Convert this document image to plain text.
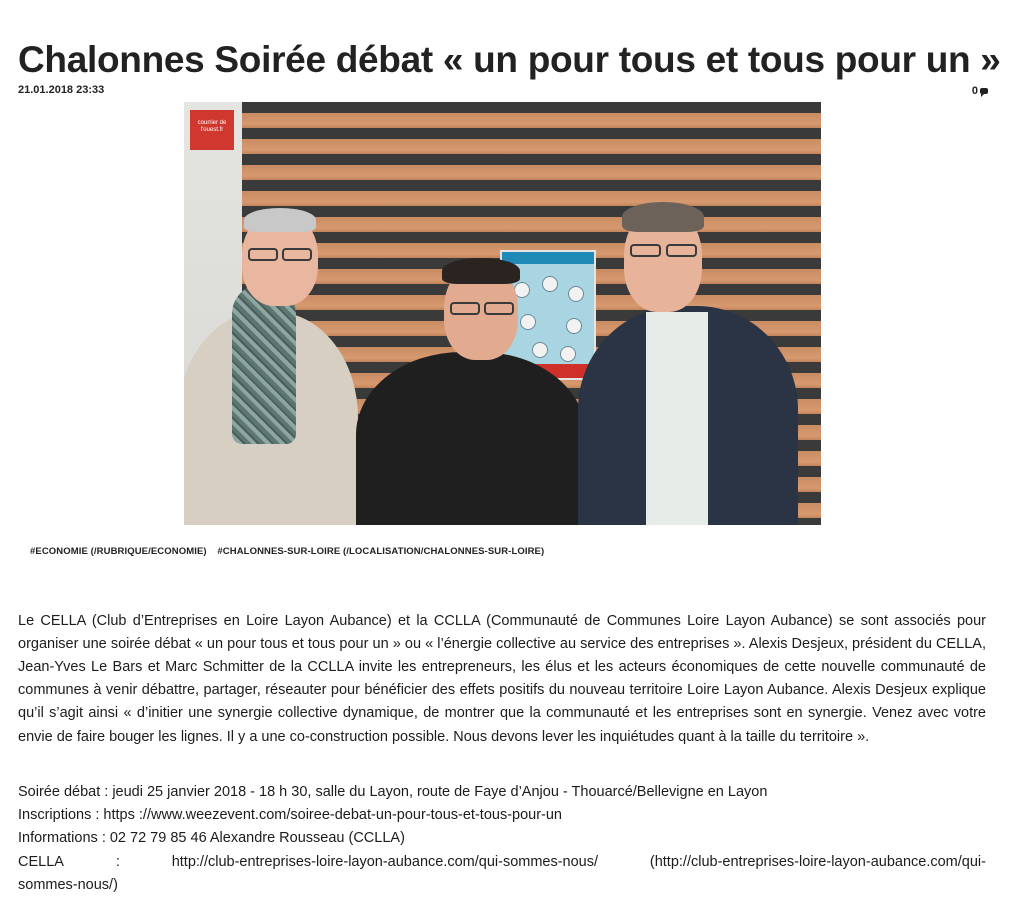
Chalonnes Soirée débat « un pour tous et tous pour un »
21.01.2018 23:33	0
courrier de l'ouest.fr
#ECONOMIE (/RUBRIQUE/ECONOMIE) #CHALONNES-SUR-LOIRE (/LOCALISATION/CHALONNES-SUR-LOIRE)

Le CELLA (Club d’Entreprises en Loire Layon Aubance) et la CCLLA (Communauté de Communes Loire Layon Aubance) se sont associés pour organiser une soirée débat « un pour tous et tous pour un » ou « l’énergie collective au service des entreprises ». Alexis Desjeux, président du CELLA, Jean-Yves Le Bars et Marc Schmitter de la CCLLA invite les entrepreneurs, les élus et les acteurs économiques de cette nouvelle communauté de communes à venir débattre, partager, réseauter pour bénéficier des effets positifs du nouveau territoire Loire Layon Aubance. Alexis Desjeux explique qu’il s’agit ainsi « d’initier une synergie collective dynamique, de montrer que la communauté et les entreprises sont en synergie. Venez avec votre envie de faire bouger les lignes. Il y a une co-construction possible. Nous devons lever les inquiétudes quant à la taille du territoire ».

Soirée débat : jeudi 25 janvier 2018 - 18 h 30, salle du Layon, route de Faye d’Anjou - Thouarcé/Bellevigne en Layon

Inscriptions : https ://www.weezevent.com/soiree-debat-un-pour-tous-et-tous-pour-un

Informations : 02 72 79 85 46 Alexandre Rousseau (CCLLA)

CELLA	:	http://club-entreprises-loire-layon-aubance.com/qui-sommes-nous/	(http://club-entreprises-loire-layon-aubance.com/qui-

sommes-nous/)
